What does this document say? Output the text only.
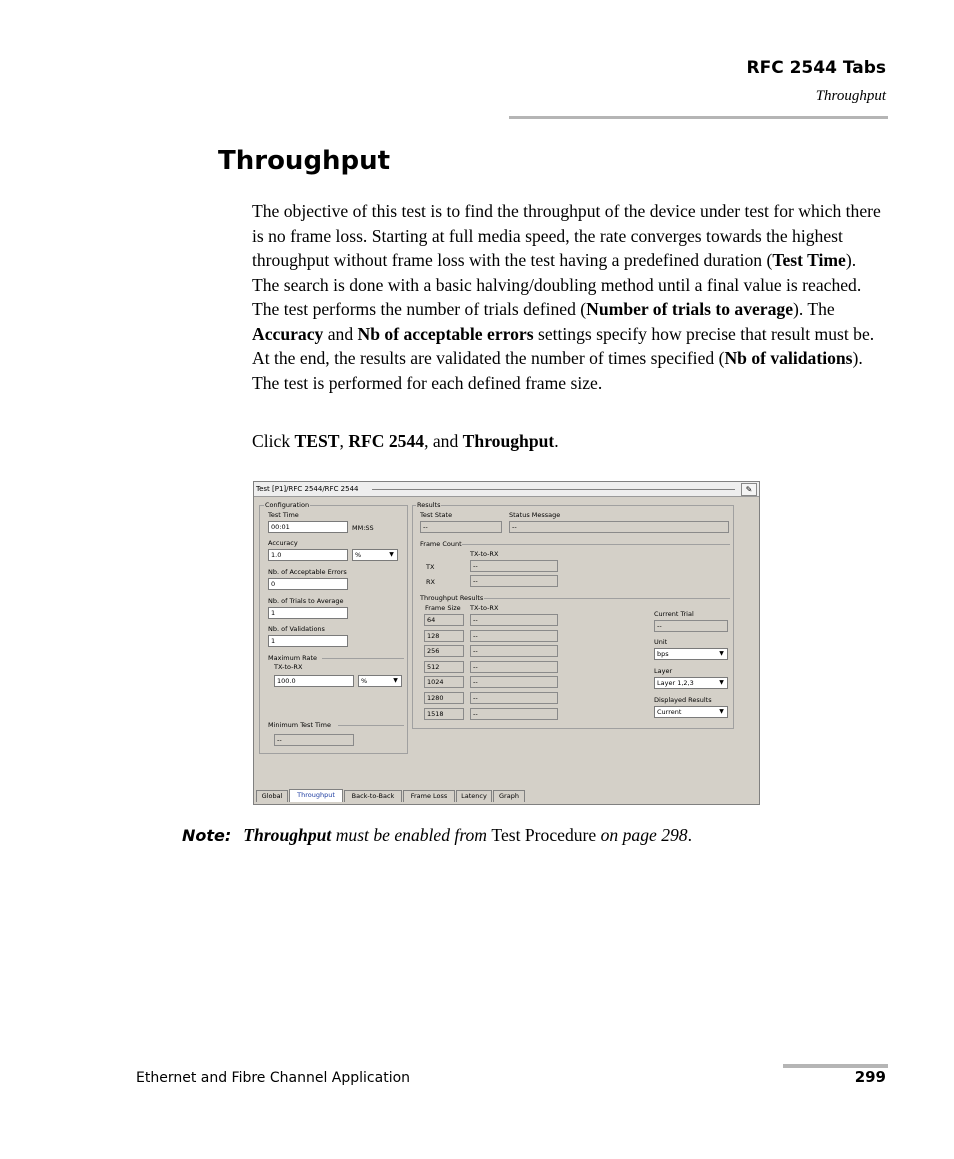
RFC 2544 Tabs
Throughput
Throughput

The objective of this test is to find the throughput of the device under test for which there is no frame loss. Starting at full media speed, the rate converges towards the highest throughput without frame loss with the test having a predefined duration (Test Time). The search is done with a basic halving/doubling method until a final value is reached. The test performs the number of trials defined (Number of trials to average). The Accuracy and Nb of acceptable errors settings specify how precise that result must be. At the end, the results are validated the number of times specified (Nb of validations). The test is performed for each defined frame size.

Click TEST, RFC 2544, and Throughput.

Test [P1]/RFC 2544/RFC 2544	✎
Configuration
Test Time
00:01	MM:SS
Accuracy
1.0	%	▼
Nb. of Acceptable Errors
0
Nb. of Trials to Average
1
Nb. of Validations
1
Maximum Rate
TX-to-RX
100.0	%	▼
Minimum Test Time
--
Results
Test State
--
Status Message
--
Frame Count
TX-to-RX
TX	--
RX	--
Throughput Results
Frame Size TX-to-RX
64	--
128	--
256	--
512	--
1024	--
1280	--
1518	--
Current Trial
--
Unit
bps	▼
Layer
Layer 1,2,3	▼
Displayed Results
Current	▼
Global	Throughput	Back-to-Back	Frame Loss	Latency	Graph
Note: Throughput must be enabled from Test Procedure on page 298.
Ethernet and Fibre Channel Application	299
